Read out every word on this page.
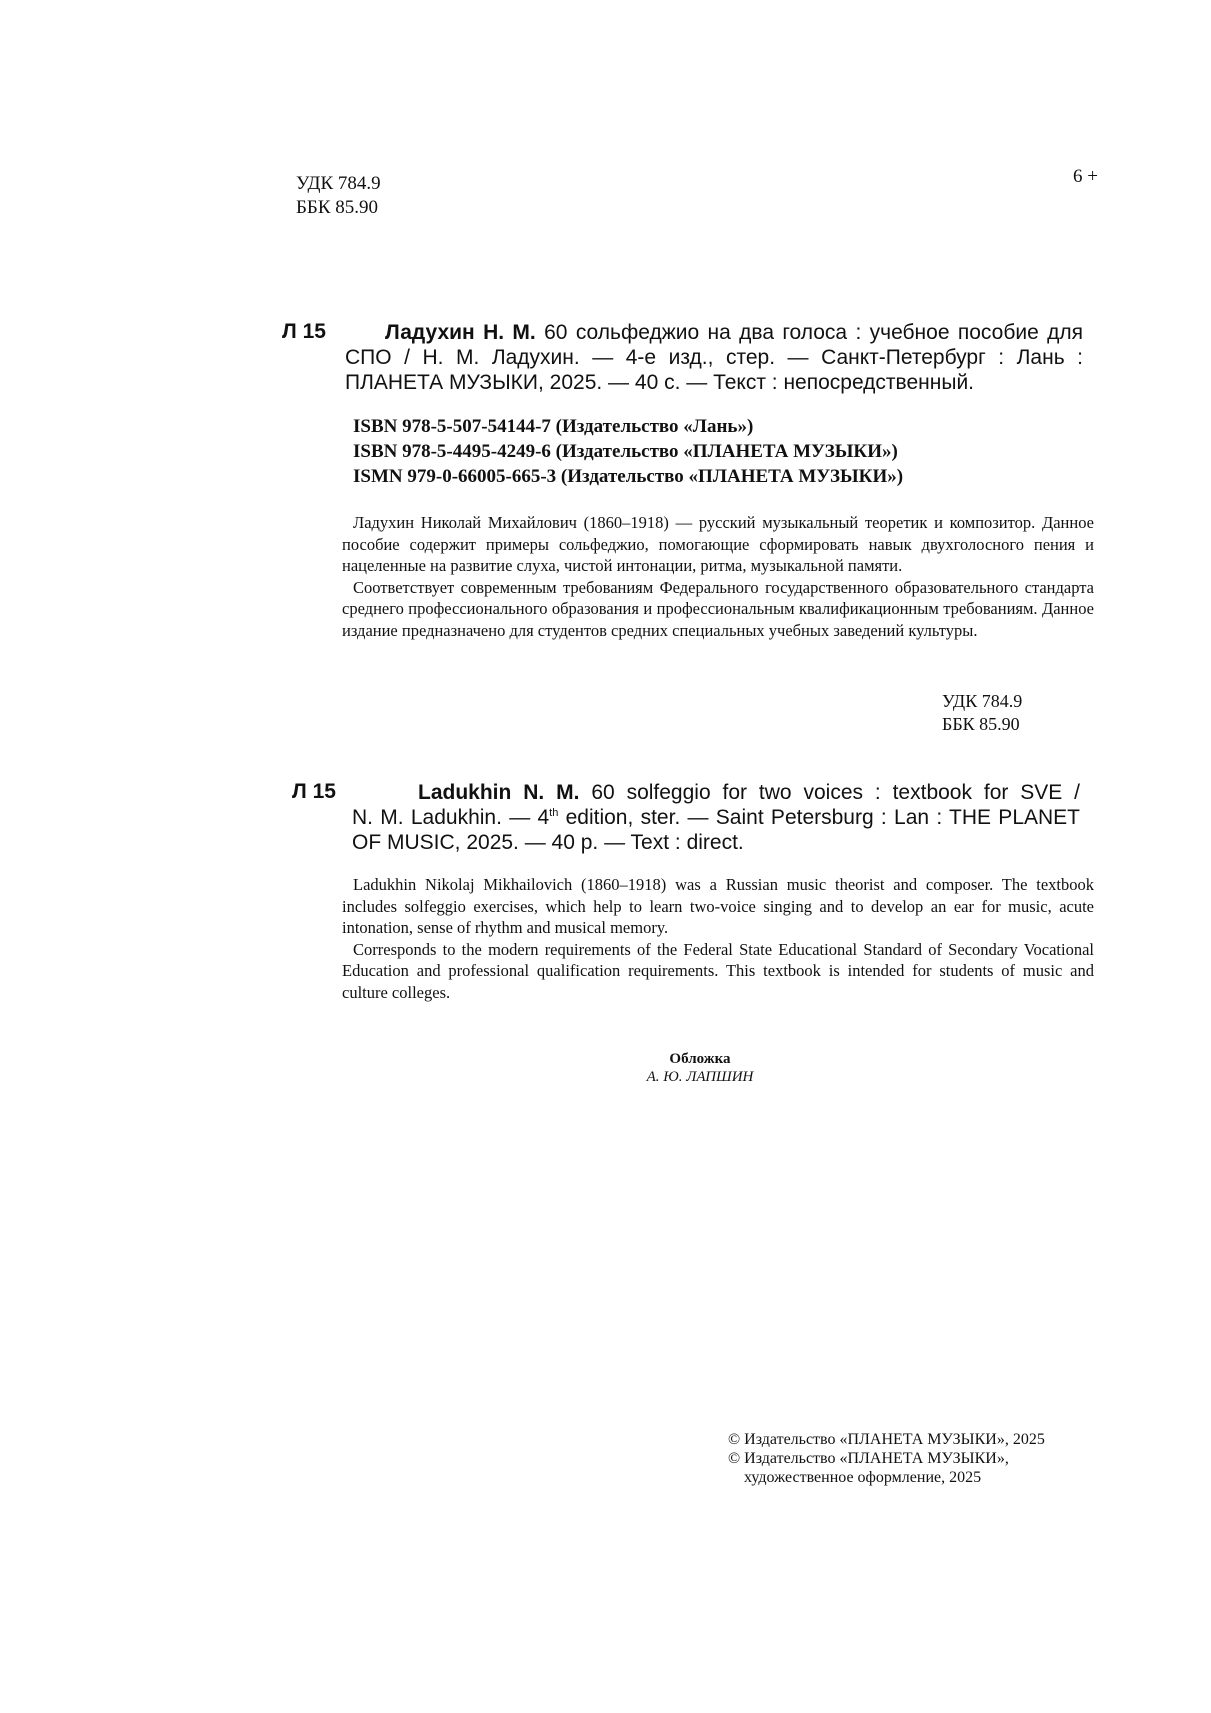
УДК 784.9
ББК 85.90
6 +
Л 15	Ладухин Н. М. 60 сольфеджио на два голоса : учебное пособие для
СПО / Н. М. Ладухин. — 4-е изд., стер. — Санкт-Петербург : Лань :
ПЛАНЕТА МУЗЫКИ, 2025. — 40 с. — Текст : непосредственный.
ISBN 978-5-507-54144-7 (Издательство «Лань»)
ISBN 978-5-4495-4249-6 (Издательство «ПЛАНЕТА МУЗЫКИ»)
ISMN 979-0-66005-665-3 (Издательство «ПЛАНЕТА МУЗЫКИ»)

Ладухин Николай Михайлович (1860–1918) — русский музыкальный теоретик и композитор. Данное пособие содержит примеры сольфеджио, помогающие сформировать навык двухголосного пения и нацеленные на развитие слуха, чистой интонации, ритма, музыкальной памяти.

Соответствует современным требованиям Федерального государственного образовательного стандарта среднего профессионального образования и профессиональным квалификационным требованиям. Данное издание предназначено для студентов средних специальных учебных заведений культуры.

УДК 784.9
ББК 85.90
Л 15	Ladukhin N. M. 60 solfeggio for two voices : textbook for SVE /
N. M. Ladukhin. — 4th edition, ster. — Saint Petersburg : Lan : THE PLANET
OF MUSIC, 2025. — 40 p. — Text : direct.

Ladukhin Nikolaj Mikhailovich (1860–1918) was a Russian music theorist and composer. The textbook includes solfeggio exercises, which help to learn two-voice singing and to develop an ear for music, acute intonation, sense of rhythm and musical memory.

Corresponds to the modern requirements of the Federal State Educational Standard of Secondary Vocational Education and professional qualification requirements. This textbook is intended for students of music and culture colleges.

Обложка
А. Ю. ЛАПШИН
© Издательство «ПЛАНЕТА МУЗЫКИ», 2025
© Издательство «ПЛАНЕТА МУЗЫКИ»,
художественное оформление, 2025
